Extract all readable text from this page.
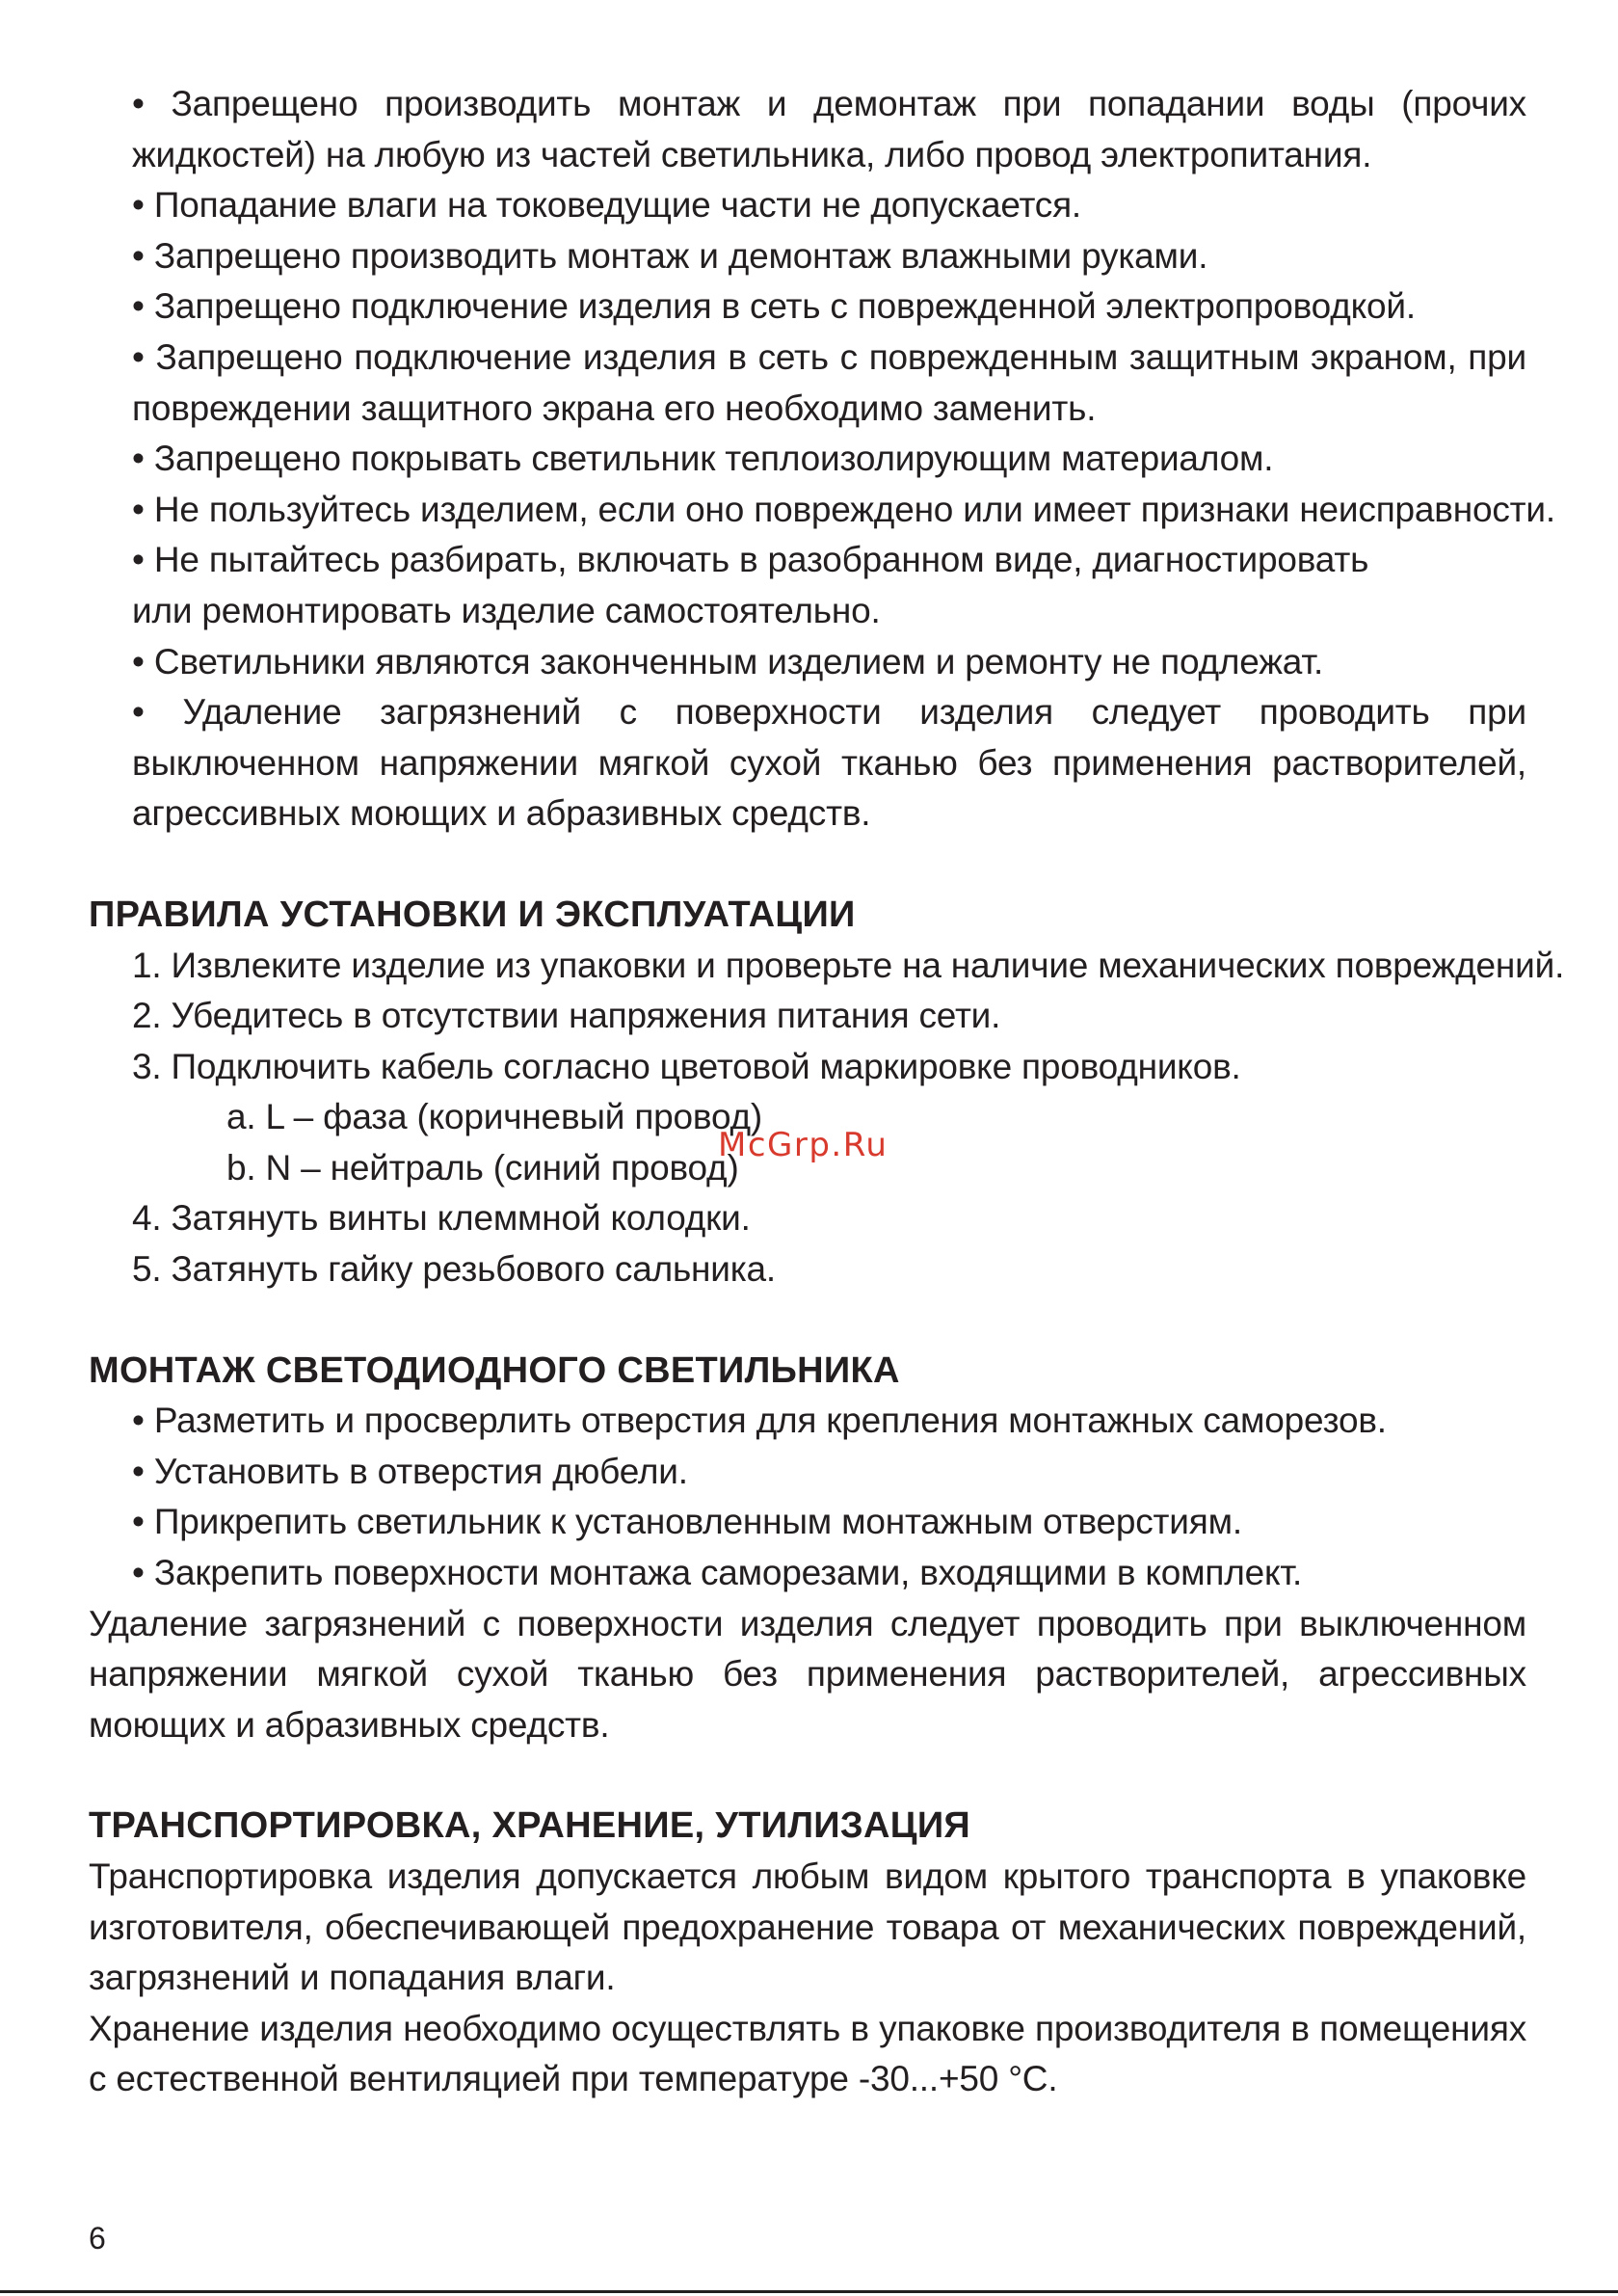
• Запрещено производить монтаж и демонтаж при попадании воды (прочих жидкостей) на любую из частей светильника, либо провод электропитания.
• Попадание влаги на токоведущие части не допускается.
• Запрещено производить монтаж и демонтаж влажными руками.
• Запрещено подключение изделия в сеть с поврежденной электропроводкой.
• Запрещено подключение изделия в сеть с поврежденным защитным экраном, при повреждении защитного экрана его необходимо заменить.
• Запрещено покрывать светильник теплоизолирующим материалом.
• Не пользуйтесь изделием, если оно повреждено или имеет признаки неисправности.
• Не пытайтесь разбирать, включать в разобранном виде, диагностировать
или ремонтировать изделие самостоятельно.
• Светильники являются законченным изделием и ремонту не подлежат.
• Удаление загрязнений с поверхности изделия следует проводить при выключенном напряжении мягкой сухой тканью без применения растворителей, агрессивных моющих и абразивных средств.
ПРАВИЛА УСТАНОВКИ И ЭКСПЛУАТАЦИИ
1. Извлеките изделие из упаковки и проверьте на наличие механических повреждений.
2. Убедитесь в отсутствии напряжения питания сети.
3. Подключить кабель согласно цветовой маркировке проводников.
a. L – фаза (коричневый провод)
b. N – нейтраль (синий провод)
4. Затянуть винты клеммной колодки.
5. Затянуть гайку резьбового сальника.
МОНТАЖ СВЕТОДИОДНОГО СВЕТИЛЬНИКА
• Разметить и просверлить отверстия для крепления монтажных саморезов.
• Установить в отверстия дюбели.
• Прикрепить светильник к установленным монтажным отверстиям.
• Закрепить поверхности монтажа саморезами, входящими в комплект.
Удаление загрязнений с поверхности изделия следует проводить при выключенном напряжении мягкой сухой тканью без применения растворителей, агрессивных моющих и абразивных средств.
ТРАНСПОРТИРОВКА, ХРАНЕНИЕ, УТИЛИЗАЦИЯ
Транспортировка изделия допускается любым видом крытого транспорта в упаковке изготовителя, обеспечивающей предохранение товара от механических повреждений, загрязнений и попадания влаги.
Хранение изделия необходимо осуществлять в упаковке производителя в помещениях с естественной вентиляцией при температуре -30...+50 °С.
McGrp.Ru
6
